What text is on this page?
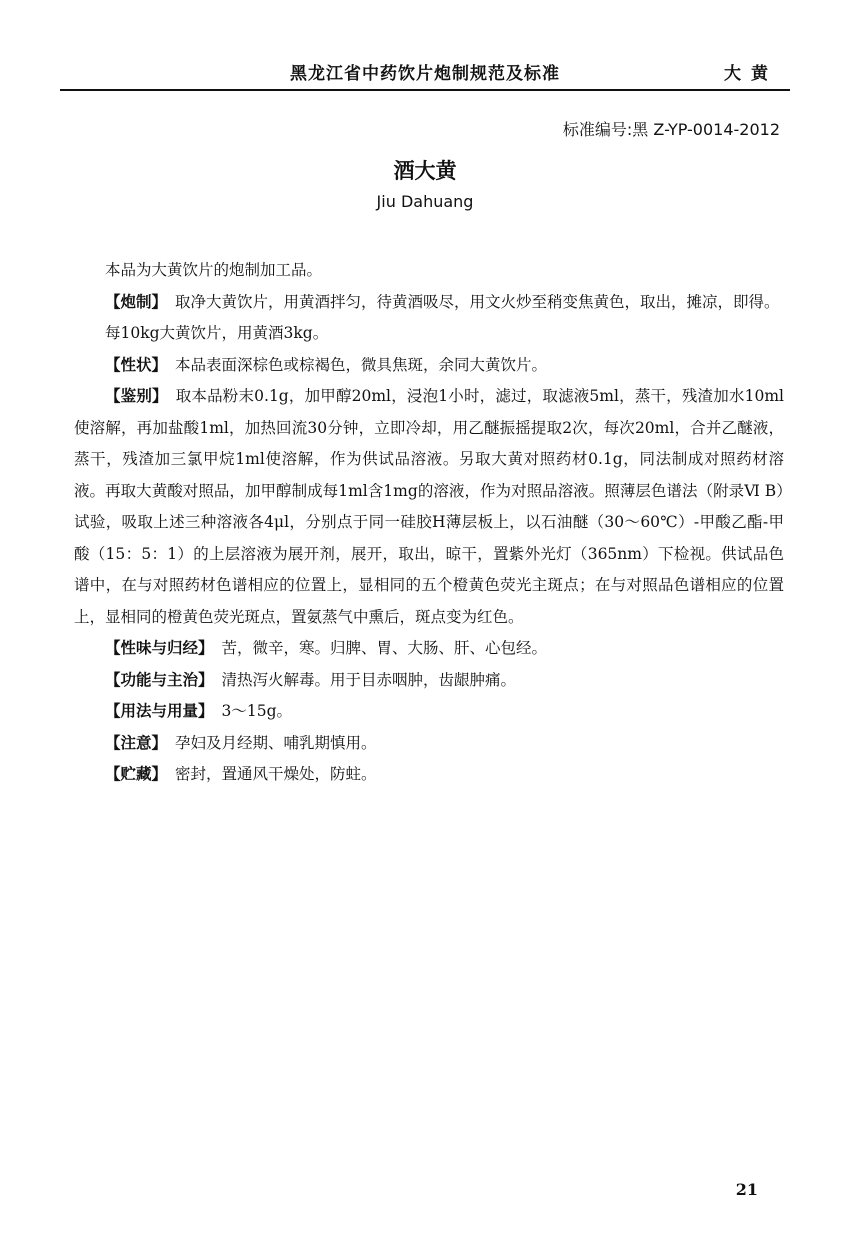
黑龙江省中药饮片炮制规范及标准	大黄
标准编号:黑 Z-YP-0014-2012
酒大黄
Jiu Dahuang

本品为大黄饮片的炮制加工品。

【炮制】 取净大黄饮片，用黄酒拌匀，待黄酒吸尽，用文火炒至稍变焦黄色，取出，摊凉，即得。

每10kg大黄饮片，用黄酒3kg。

【性状】 本品表面深棕色或棕褐色，微具焦斑，余同大黄饮片。

【鉴别】 取本品粉末0.1g，加甲醇20ml，浸泡1小时，滤过，取滤液5ml，蒸干，残渣加水10ml使溶解，再加盐酸1ml，加热回流30分钟，立即冷却，用乙醚振摇提取2次，每次20ml，合并乙醚液，蒸干，残渣加三氯甲烷1ml使溶解，作为供试品溶液。另取大黄对照药材0.1g，同法制成对照药材溶液。再取大黄酸对照品，加甲醇制成每1ml含1mg的溶液，作为对照品溶液。照薄层色谱法（附录Ⅵ B）试验，吸取上述三种溶液各4μl，分别点于同一硅胶H薄层板上，以石油醚（30～60℃）-甲酸乙酯-甲酸（15：5：1）的上层溶液为展开剂，展开，取出，晾干，置紫外光灯（365nm）下检视。供试品色谱中，在与对照药材色谱相应的位置上，显相同的五个橙黄色荧光主斑点；在与对照品色谱相应的位置上，显相同的橙黄色荧光斑点，置氨蒸气中熏后，斑点变为红色。

【性味与归经】 苦，微辛，寒。归脾、胃、大肠、肝、心包经。

【功能与主治】 清热泻火解毒。用于目赤咽肿，齿龈肿痛。

【用法与用量】 3～15g。

【注意】 孕妇及月经期、哺乳期慎用。

【贮藏】 密封，置通风干燥处，防蛀。

21
